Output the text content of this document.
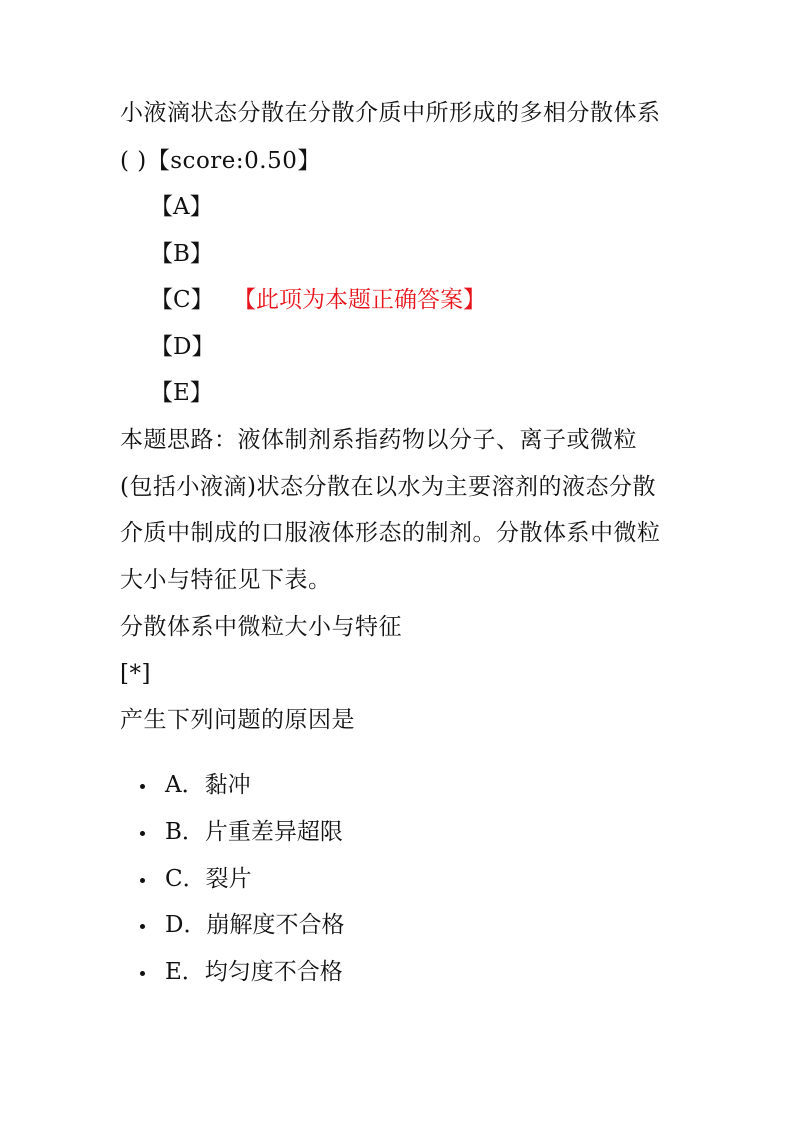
小液滴状态分散在分散介质中所形成的多相分散体系
( )【score:0.50】
【A】
【B】
【C】 【此项为本题正确答案】
【D】
【E】
本题思路：液体制剂系指药物以分子、离子或微粒
(包括小液滴)状态分散在以水为主要溶剂的液态分散
介质中制成的口服液体形态的制剂。分散体系中微粒
大小与特征见下表。
分散体系中微粒大小与特征
[*]
产生下列问题的原因是
A．黏冲
B．片重差异超限
C．裂片
D．崩解度不合格
E．均匀度不合格
